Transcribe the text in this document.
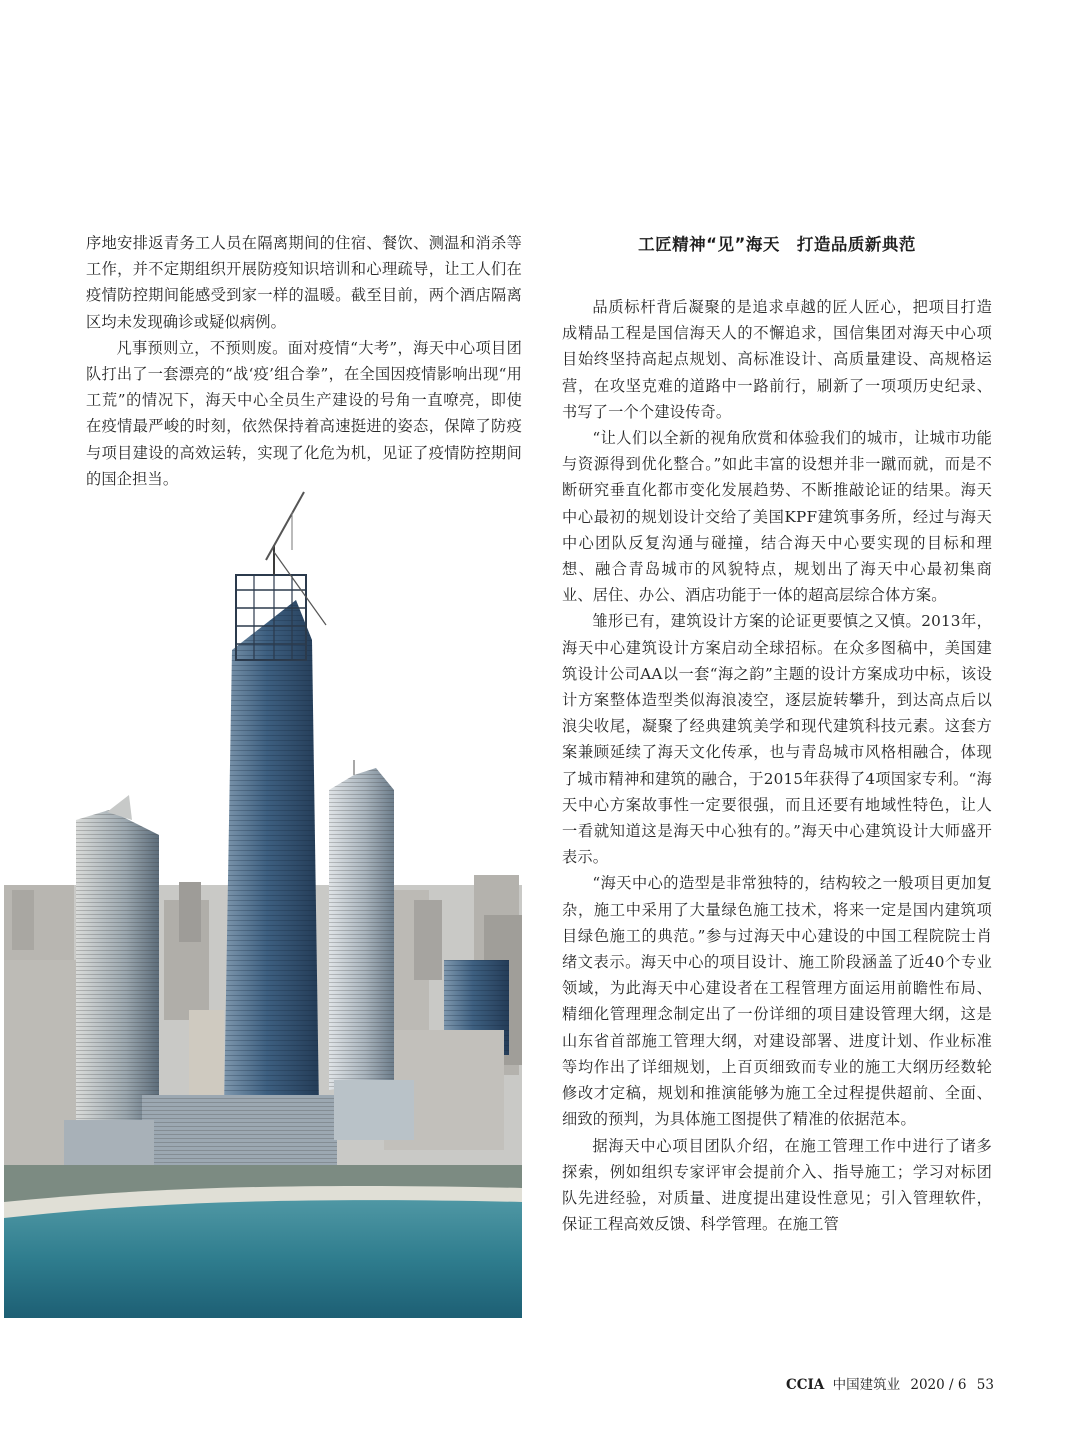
序地安排返青务工人员在隔离期间的住宿、餐饮、测温和消杀等工作，并不定期组织开展防疫知识培训和心理疏导，让工人们在疫情防控期间能感受到家一样的温暖。截至目前，两个酒店隔离区均未发现确诊或疑似病例。

凡事预则立，不预则废。面对疫情“大考”，海天中心项目团队打出了一套漂亮的“战‘疫’组合拳”，在全国因疫情影响出现“用工荒”的情况下，海天中心全员生产建设的号角一直嘹亮，即使在疫情最严峻的时刻，依然保持着高速挺进的姿态，保障了防疫与项目建设的高效运转，实现了化危为机，见证了疫情防控期间的国企担当。

工匠精神“见”海天　打造品质新典范

品质标杆背后凝聚的是追求卓越的匠人匠心，把项目打造成精品工程是国信海天人的不懈追求，国信集团对海天中心项目始终坚持高起点规划、高标准设计、高质量建设、高规格运营，在攻坚克难的道路中一路前行，刷新了一项项历史纪录、书写了一个个建设传奇。

“让人们以全新的视角欣赏和体验我们的城市，让城市功能与资源得到优化整合。”如此丰富的设想并非一蹴而就，而是不断研究垂直化都市变化发展趋势、不断推敲论证的结果。海天中心最初的规划设计交给了美国KPF建筑事务所，经过与海天中心团队反复沟通与碰撞，结合海天中心要实现的目标和理想、融合青岛城市的风貌特点，规划出了海天中心最初集商业、居住、办公、酒店功能于一体的超高层综合体方案。

雏形已有，建筑设计方案的论证更要慎之又慎。2013年，海天中心建筑设计方案启动全球招标。在众多图稿中，美国建筑设计公司AA以一套“海之韵”主题的设计方案成功中标，该设计方案整体造型类似海浪凌空，逐层旋转攀升，到达高点后以浪尖收尾，凝聚了经典建筑美学和现代建筑科技元素。这套方案兼顾延续了海天文化传承，也与青岛城市风格相融合，体现了城市精神和建筑的融合，于2015年获得了4项国家专利。“海天中心方案故事性一定要很强，而且还要有地域性特色，让人一看就知道这是海天中心独有的。”海天中心建筑设计大师盛开表示。

“海天中心的造型是非常独特的，结构较之一般项目更加复杂，施工中采用了大量绿色施工技术，将来一定是国内建筑项目绿色施工的典范。”参与过海天中心建设的中国工程院院士肖绪文表示。海天中心的项目设计、施工阶段涵盖了近40个专业领域，为此海天中心建设者在工程管理方面运用前瞻性布局、精细化管理理念制定出了一份详细的项目建设管理大纲，这是山东省首部施工管理大纲，对建设部署、进度计划、作业标准等均作出了详细规划，上百页细致而专业的施工大纲历经数轮修改才定稿，规划和推演能够为施工全过程提供超前、全面、细致的预判，为具体施工图提供了精准的依据范本。

据海天中心项目团队介绍，在施工管理工作中进行了诸多探索，例如组织专家评审会提前介入、指导施工；学习对标团队先进经验，对质量、进度提出建设性意见；引入管理软件，保证工程高效反馈、科学管理。在施工管

CCIA 中国建筑业 2020 / 6 53
